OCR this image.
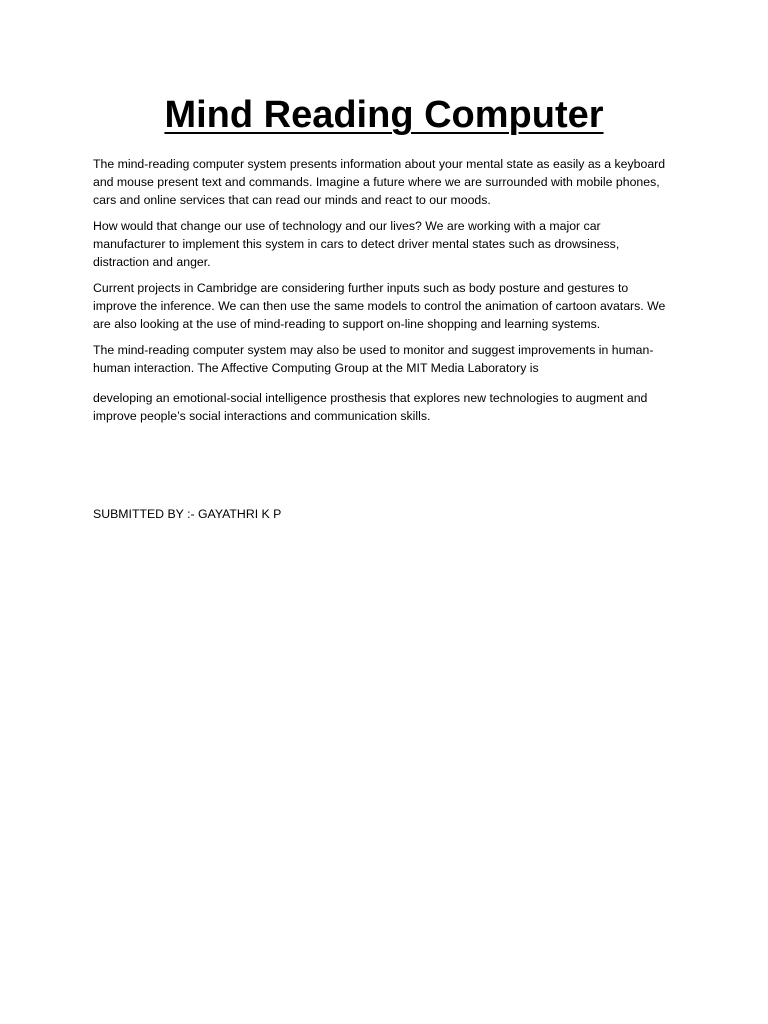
Mind Reading Computer

The mind-reading computer system presents information about your mental state as easily as a keyboard and mouse present text and commands. Imagine a future where we are surrounded with mobile phones, cars and online services that can read our minds and react to our moods.

How would that change our use of technology and our lives? We are working with a major car manufacturer to implement this system in cars to detect driver mental states such as drowsiness, distraction and anger.

Current projects in Cambridge are considering further inputs such as body posture and gestures to improve the inference. We can then use the same models to control the animation of cartoon avatars. We are also looking at the use of mind-reading to support on-line shopping and learning systems.

The mind-reading computer system may also be used to monitor and suggest improvements in human-human interaction. The Affective Computing Group at the MIT Media Laboratory is

developing an emotional-social intelligence prosthesis that explores new technologies to augment and improve people’s social interactions and communication skills.

SUBMITTED BY :- GAYATHRI K P
